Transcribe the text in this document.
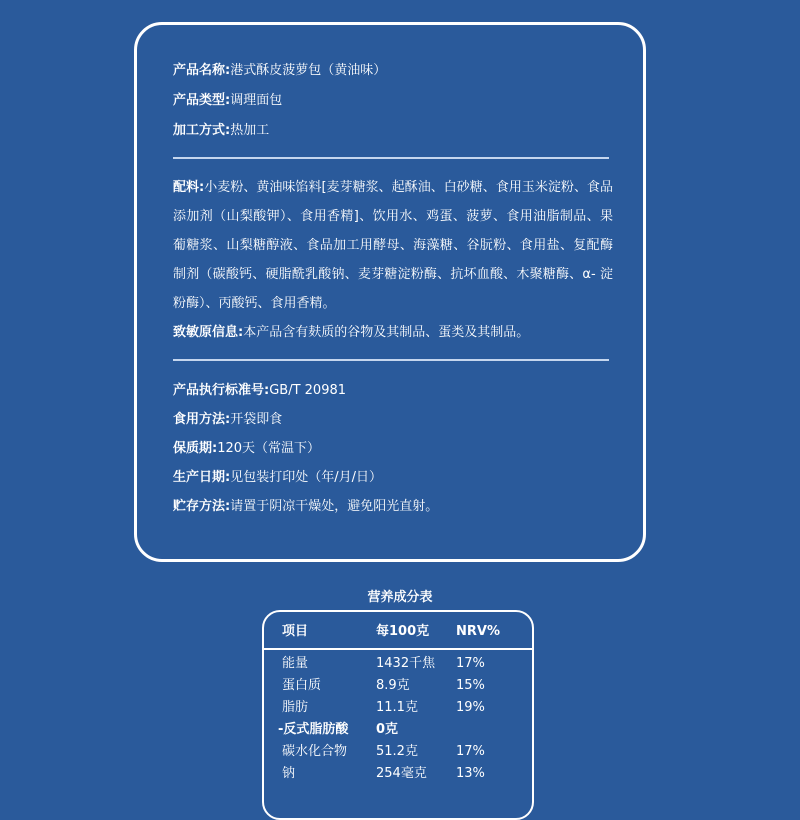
产品名称:港式酥皮菠萝包（黄油味）
产品类型:调理面包
加工方式:热加工
配料:小麦粉、黄油味馅料[麦芽糖浆、起酥油、白砂糖、食用玉米淀粉、食品添加剂（山梨酸钾）、食用香精]、饮用水、鸡蛋、菠萝、食用油脂制品、果葡糖浆、山梨糖醇液、食品加工用酵母、海藻糖、谷朊粉、食用盐、复配酶制剂（碳酸钙、硬脂酰乳酸钠、麦芽糖淀粉酶、抗坏血酸、木聚糖酶、α- 淀粉酶）、丙酸钙、食用香精。
致敏原信息:本产品含有麸质的谷物及其制品、蛋类及其制品。
产品执行标准号:GB/T 20981
食用方法:开袋即食
保质期:120天（常温下）
生产日期:见包装打印处（年/月/日）
贮存方法:请置于阴凉干燥处，避免阳光直射。
营养成分表
项目	每100克 NRV%
能量	1432千焦 17%
蛋白质	8.9克	15%
脂肪	11.1克	19%
-反式脂肪酸 0克
碳水化合物 51.2克	17%
钠	254毫克 13%
